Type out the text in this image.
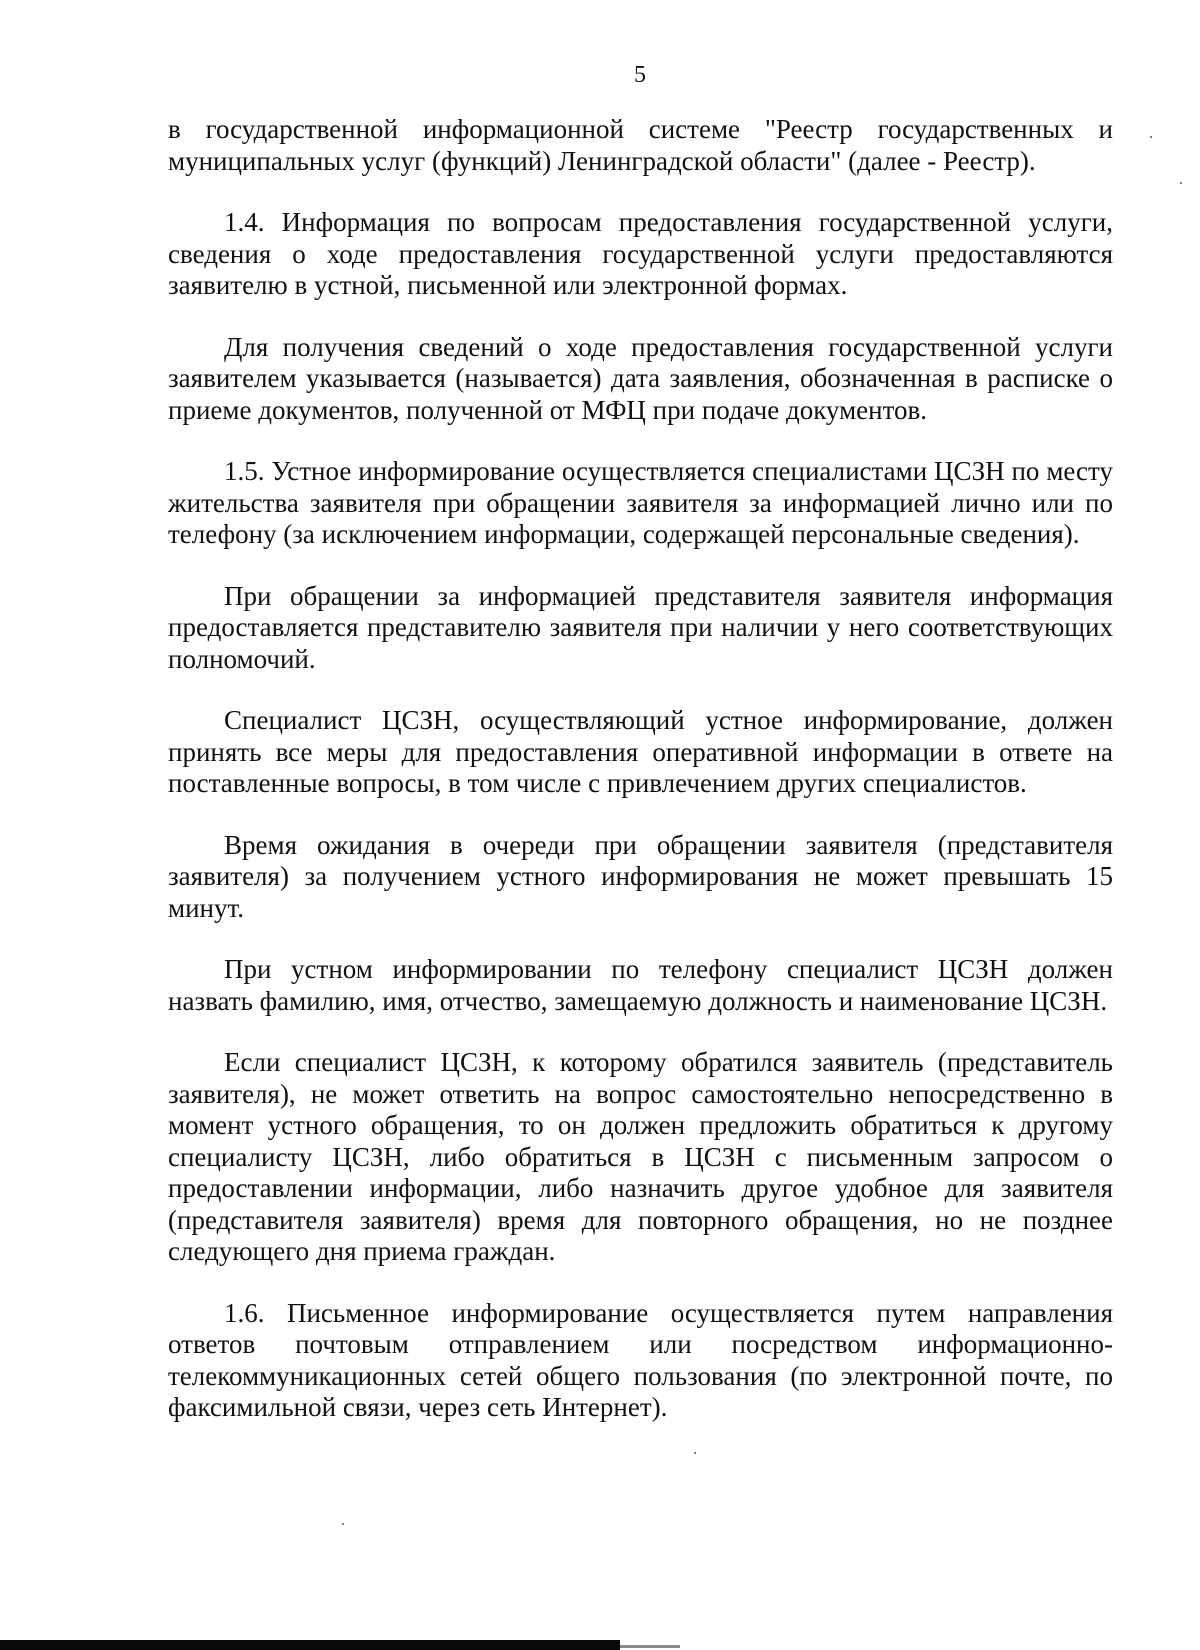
5

в государственной информационной системе "Реестр государственных и муниципальных услуг (функций) Ленинградской области" (далее - Реестр).

1.4. Информация по вопросам предоставления государственной услуги, сведения о ходе предоставления государственной услуги предоставляются заявителю в устной, письменной или электронной формах.

Для получения сведений о ходе предоставления государственной услуги заявителем указывается (называется) дата заявления, обозначенная в расписке о приеме документов, полученной от МФЦ при подаче документов.

1.5. Устное информирование осуществляется специалистами ЦСЗН по месту жительства заявителя при обращении заявителя за информацией лично или по телефону (за исключением информации, содержащей персональные сведения).

При обращении за информацией представителя заявителя информация предоставляется представителю заявителя при наличии у него соответствующих полномочий.

Специалист ЦСЗН, осуществляющий устное информирование, должен принять все меры для предоставления оперативной информации в ответе на поставленные вопросы, в том числе с привлечением других специалистов.

Время ожидания в очереди при обращении заявителя (представителя заявителя) за получением устного информирования не может превышать 15 минут.

При устном информировании по телефону специалист ЦСЗН должен назвать фамилию, имя, отчество, замещаемую должность и наименование ЦСЗН.

Если специалист ЦСЗН, к которому обратился заявитель (представитель заявителя), не может ответить на вопрос самостоятельно непосредственно в момент устного обращения, то он должен предложить обратиться к другому специалисту ЦСЗН, либо обратиться в ЦСЗН с письменным запросом о предоставлении информации, либо назначить другое удобное для заявителя (представителя заявителя) время для повторного обращения, но не позднее следующего дня приема граждан.

1.6. Письменное информирование осуществляется путем направления ответов почтовым отправлением или посредством информационно-телекоммуникационных сетей общего пользования (по электронной почте, по факсимильной связи, через сеть Интернет).
